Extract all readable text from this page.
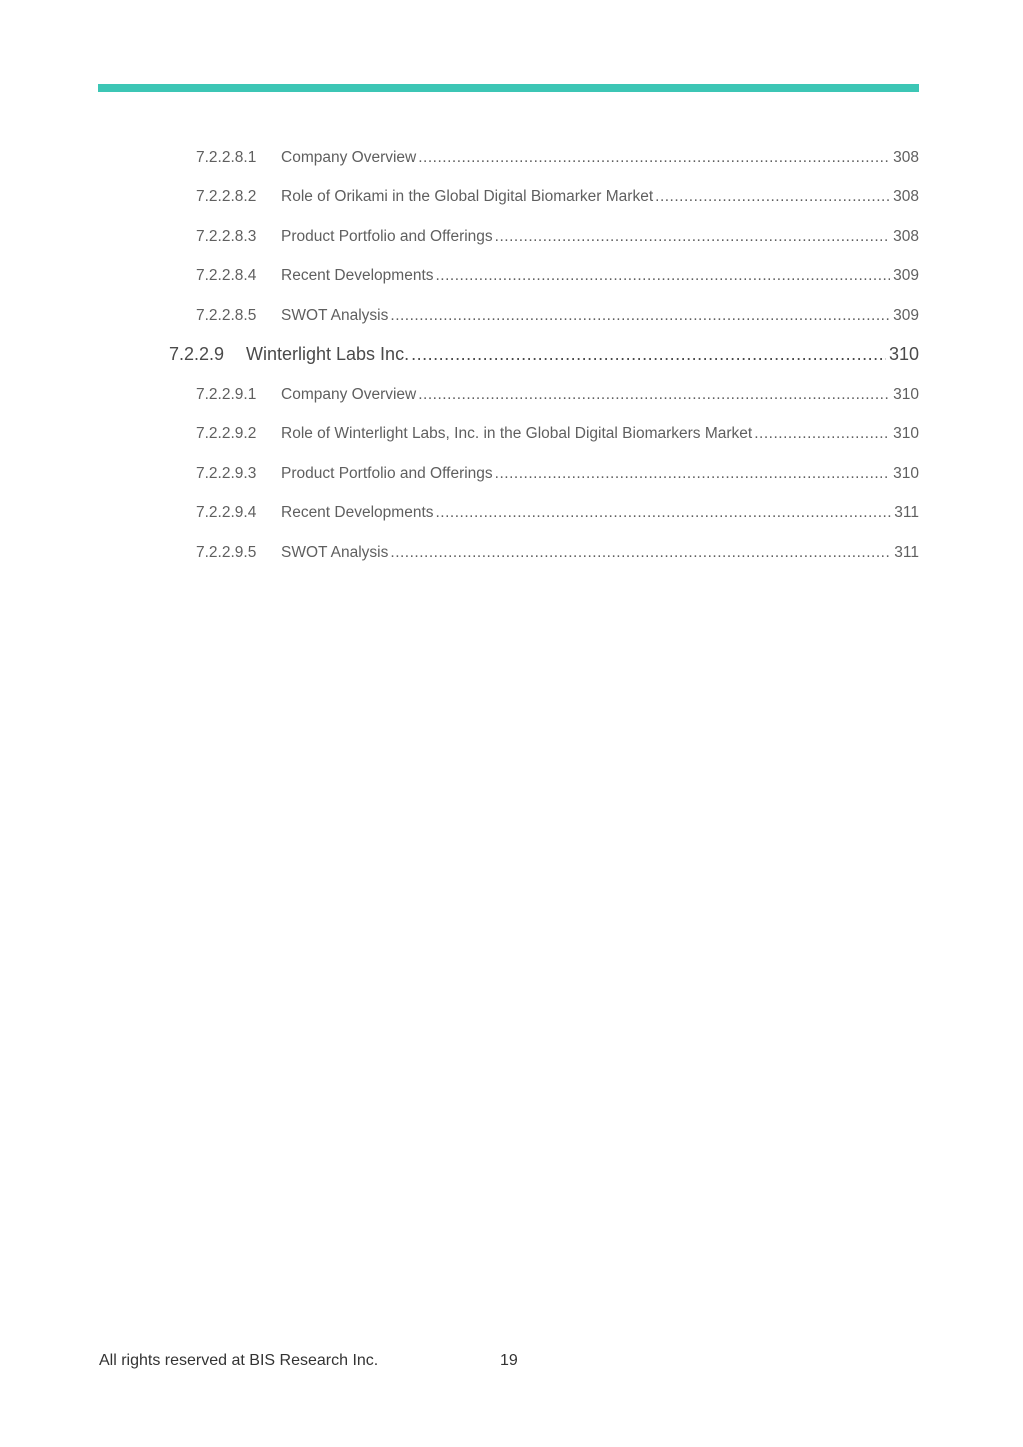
7.2.2.8.1	Company Overview .....	308
7.2.2.8.2	Role of Orikami in the Global Digital Biomarker Market .....	308
7.2.2.8.3	Product Portfolio and Offerings .....	308
7.2.2.8.4	Recent Developments .....	309
7.2.2.8.5	SWOT Analysis .....	309
7.2.2.9	Winterlight Labs Inc. .....	310
7.2.2.9.1	Company Overview .....	310
7.2.2.9.2	Role of Winterlight Labs, Inc. in the Global Digital Biomarkers Market .....	310
7.2.2.9.3	Product Portfolio and Offerings .....	310
7.2.2.9.4	Recent Developments .....	311
7.2.2.9.5	SWOT Analysis .....	311
All rights reserved at BIS Research Inc.	19
